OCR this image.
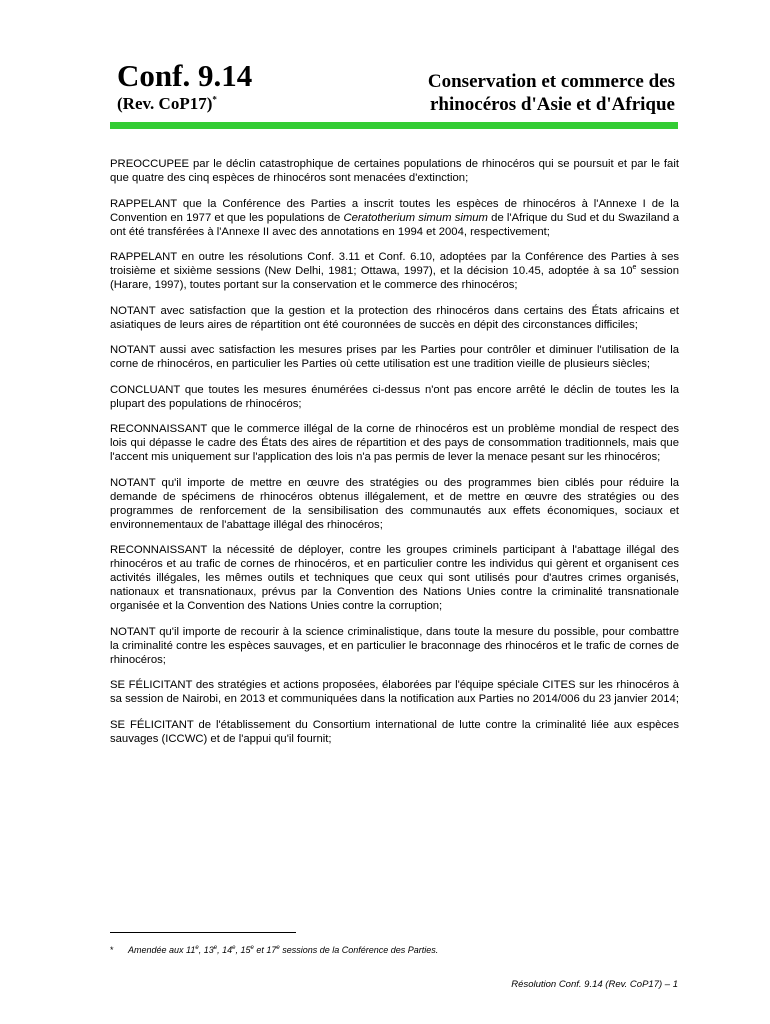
Conf. 9.14
(Rev. CoP17)*
Conservation et commerce des
rhinocéros d'Asie et d'Afrique

PREOCCUPEE par le déclin catastrophique de certaines populations de rhinocéros qui se poursuit et par le fait que quatre des cinq espèces de rhinocéros sont menacées d'extinction;

RAPPELANT que la Conférence des Parties a inscrit toutes les espèces de rhinocéros à l'Annexe I de la Convention en 1977 et que les populations de Ceratotherium simum simum de l'Afrique du Sud et du Swaziland a ont été transférées à l'Annexe II avec des annotations en 1994 et 2004, respectivement;

RAPPELANT en outre les résolutions Conf. 3.11 et Conf. 6.10, adoptées par la Conférence des Parties à ses troisième et sixième sessions (New Delhi, 1981; Ottawa, 1997), et la décision 10.45, adoptée à sa 10e session (Harare, 1997), toutes portant sur la conservation et le commerce des rhinocéros;

NOTANT avec satisfaction que la gestion et la protection des rhinocéros dans certains des États africains et asiatiques de leurs aires de répartition ont été couronnées de succès en dépit des circonstances difficiles;

NOTANT aussi avec satisfaction les mesures prises par les Parties pour contrôler et diminuer l'utilisation de la corne de rhinocéros, en particulier les Parties où cette utilisation est une tradition vieille de plusieurs siècles;

CONCLUANT que toutes les mesures énumérées ci-dessus n'ont pas encore arrêté le déclin de toutes les la plupart des populations de rhinocéros;

RECONNAISSANT que le commerce illégal de la corne de rhinocéros est un problème mondial de respect des lois qui dépasse le cadre des États des aires de répartition et des pays de consommation traditionnels, mais que l'accent mis uniquement sur l'application des lois n'a pas permis de lever la menace pesant sur les rhinocéros;

NOTANT qu'il importe de mettre en œuvre des stratégies ou des programmes bien ciblés pour réduire la demande de spécimens de rhinocéros obtenus illégalement, et de mettre en œuvre des stratégies ou des programmes de renforcement de la sensibilisation des communautés aux effets économiques, sociaux et environnementaux de l'abattage illégal des rhinocéros;

RECONNAISSANT la nécessité de déployer, contre les groupes criminels participant à l'abattage illégal des rhinocéros et au trafic de cornes de rhinocéros, et en particulier contre les individus qui gèrent et organisent ces activités illégales, les mêmes outils et techniques que ceux qui sont utilisés pour d'autres crimes organisés, nationaux et transnationaux, prévus par la Convention des Nations Unies contre la criminalité transnationale organisée et la Convention des Nations Unies contre la corruption;

NOTANT qu'il importe de recourir à la science criminalistique, dans toute la mesure du possible, pour combattre la criminalité contre les espèces sauvages, et en particulier le braconnage des rhinocéros et le trafic de cornes de rhinocéros;

SE FÉLICITANT des stratégies et actions proposées, élaborées par l'équipe spéciale CITES sur les rhinocéros à sa session de Nairobi, en 2013 et communiquées dans la notification aux Parties no 2014/006 du 23 janvier 2014;

SE FÉLICITANT de l'établissement du Consortium international de lutte contre la criminalité liée aux espèces sauvages (ICCWC) et de l'appui qu'il fournit;

* Amendée aux 11e, 13e, 14e, 15e et 17e sessions de la Conférence des Parties.
Résolution Conf. 9.14 (Rev. CoP17) – 1
